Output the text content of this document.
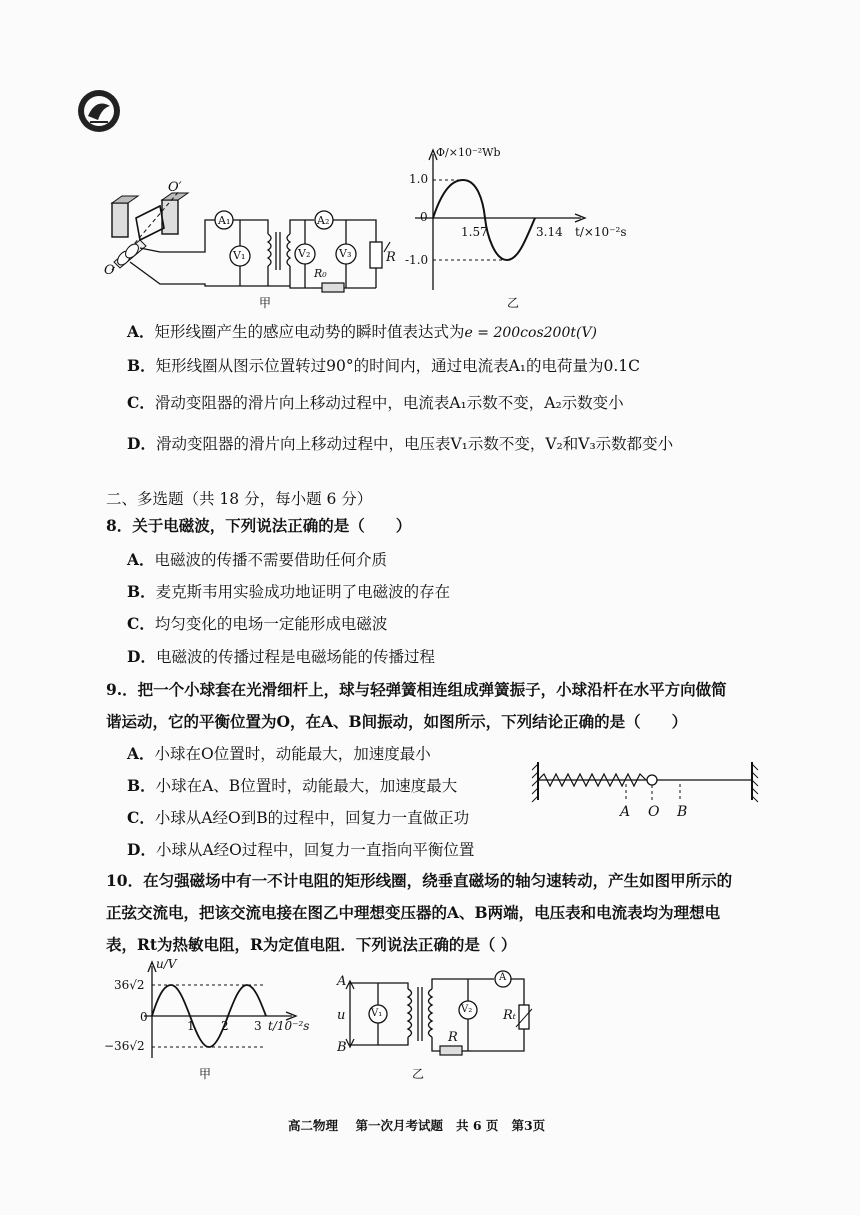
O′
O
A₁
V₁
A₂
V₂	V₃	R
R₀
甲
Φ/×10⁻²Wb
1.0
0
1.57	3.14 t/×10⁻²s
-1.0
乙
A．矩形线圈产生的感应电动势的瞬时值表达式为e = 200cos200t(V)
B．矩形线圈从图示位置转过90°的时间内，通过电流表A₁的电荷量为0.1C
C．滑动变阻器的滑片向上移动过程中，电流表A₁示数不变，A₂示数变小
D．滑动变阻器的滑片向上移动过程中，电压表V₁示数不变，V₂和V₃示数都变小
二、多选题（共 18 分，每小题 6 分）
8．关于电磁波，下列说法正确的是（　　）
A．电磁波的传播不需要借助任何介质
B．麦克斯韦用实验成功地证明了电磁波的存在
C．均匀变化的电场一定能形成电磁波
D．电磁波的传播过程是电磁场能的传播过程
9.．把一个小球套在光滑细杆上，球与轻弹簧相连组成弹簧振子，小球沿杆在水平方向做简
谐运动，它的平衡位置为O，在A、B间振动，如图所示，下列结论正确的是（　　）
A．小球在O位置时，动能最大，加速度最小
B．小球在A、B位置时，动能最大，加速度最大
C．小球从A经O到B的过程中，回复力一直做正功
D．小球从A经O过程中，回复力一直指向平衡位置
A O B
10．在匀强磁场中有一不计电阻的矩形线圈，绕垂直磁场的轴匀速转动，产生如图甲所示的
正弦交流电，把该交流电接在图乙中理想变压器的A、B两端，电压表和电流表均为理想电
表，Rt为热敏电阻，R为定值电阻．下列说法正确的是（ ）
u/V
36√2
0
1 2 3 t/10⁻²s
−36√2
甲
A
u
B
V₁	V₂
A
R
Rₜ
乙
高二物理 第一次月考试题 共 6 页 第3页
